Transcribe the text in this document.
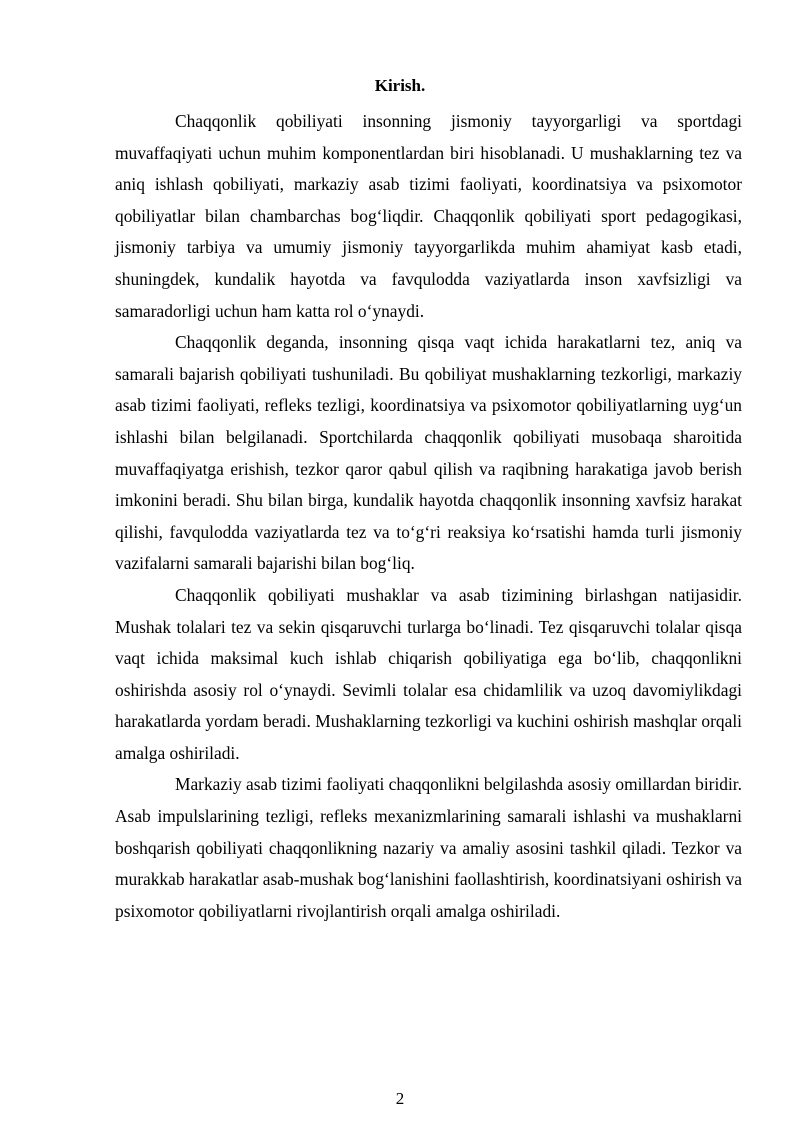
Kirish.

Chaqqonlik qobiliyati insonning jismoniy tayyorgarligi va sportdagi muvaffaqiyati uchun muhim komponentlardan biri hisoblanadi. U mushaklarning tez va aniq ishlash qobiliyati, markaziy asab tizimi faoliyati, koordinatsiya va psixomotor qobiliyatlar bilan chambarchas bog‘liqdir. Chaqqonlik qobiliyati sport pedagogikasi, jismoniy tarbiya va umumiy jismoniy tayyorgarlikda muhim ahamiyat kasb etadi, shuningdek, kundalik hayotda va favqulodda vaziyatlarda inson xavfsizligi va samaradorligi uchun ham katta rol o‘ynaydi.

Chaqqonlik deganda, insonning qisqa vaqt ichida harakatlarni tez, aniq va samarali bajarish qobiliyati tushuniladi. Bu qobiliyat mushaklarning tezkorligi, markaziy asab tizimi faoliyati, refleks tezligi, koordinatsiya va psixomotor qobiliyatlarning uyg‘un ishlashi bilan belgilanadi. Sportchilarda chaqqonlik qobiliyati musobaqa sharoitida muvaffaqiyatga erishish, tezkor qaror qabul qilish va raqibning harakatiga javob berish imkonini beradi. Shu bilan birga, kundalik hayotda chaqqonlik insonning xavfsiz harakat qilishi, favqulodda vaziyatlarda tez va to‘g‘ri reaksiya ko‘rsatishi hamda turli jismoniy vazifalarni samarali bajarishi bilan bog‘liq.

Chaqqonlik qobiliyati mushaklar va asab tizimining birlashgan natijasidir. Mushak tolalari tez va sekin qisqaruvchi turlarga bo‘linadi. Tez qisqaruvchi tolalar qisqa vaqt ichida maksimal kuch ishlab chiqarish qobiliyatiga ega bo‘lib, chaqqonlikni oshirishda asosiy rol o‘ynaydi. Sevimli tolalar esa chidamlilik va uzoq davomiylikdagi harakatlarda yordam beradi. Mushaklarning tezkorligi va kuchini oshirish mashqlar orqali amalga oshiriladi.

Markaziy asab tizimi faoliyati chaqqonlikni belgilashda asosiy omillardan biridir. Asab impulslarining tezligi, refleks mexanizmlarining samarali ishlashi va mushaklarni boshqarish qobiliyati chaqqonlikning nazariy va amaliy asosini tashkil qiladi. Tezkor va murakkab harakatlar asab-mushak bog‘lanishini faollashtirish, koordinatsiyani oshirish va psixomotor qobiliyatlarni rivojlantirish orqali amalga oshiriladi.

2
